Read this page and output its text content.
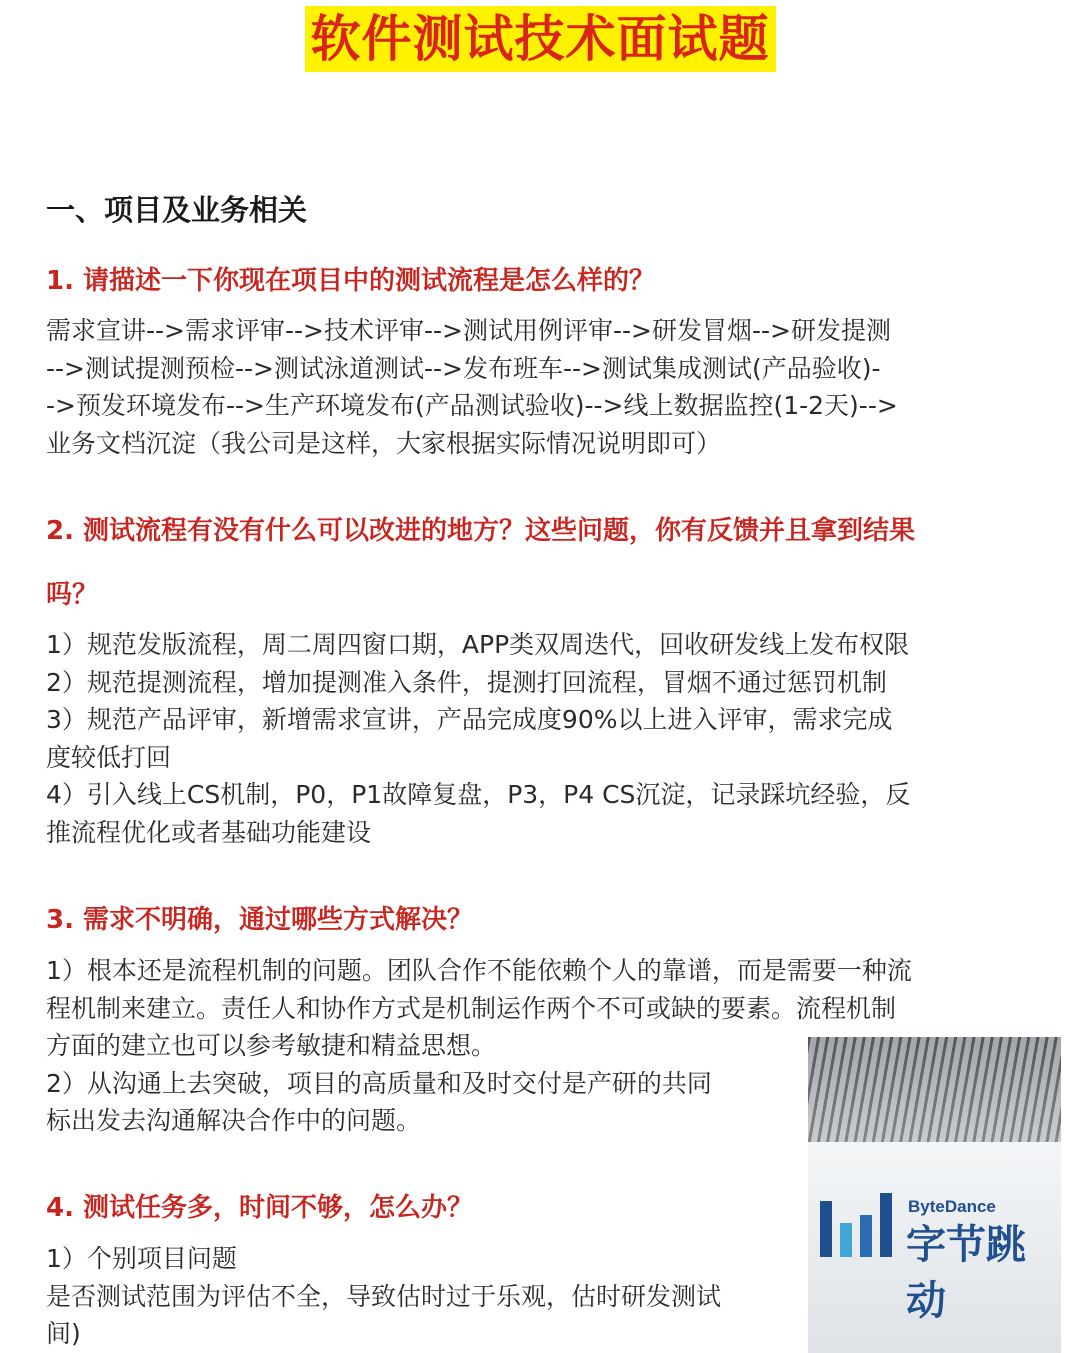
软件测试技术面试题
一、项目及业务相关

1. 请描述一下你现在项目中的测试流程是怎么样的？

需求宣讲-->需求评审-->技术评审-->测试用例评审-->研发冒烟-->研发提测
-->测试提测预检-->测试泳道测试-->发布班车-->测试集成测试(产品验收)-
->预发环境发布-->生产环境发布(产品测试验收)-->线上数据监控(1-2天)-->
业务文档沉淀（我公司是这样，大家根据实际情况说明即可）

2. 测试流程有没有什么可以改进的地方？这些问题，你有反馈并且拿到结果

吗？

1）规范发版流程，周二周四窗口期，APP类双周迭代，回收研发线上发布权限
2）规范提测流程，增加提测准入条件，提测打回流程，冒烟不通过惩罚机制
3）规范产品评审，新增需求宣讲，产品完成度90%以上进入评审，需求完成
度较低打回
4）引入线上CS机制，P0，P1故障复盘，P3，P4 CS沉淀，记录踩坑经验，反
推流程优化或者基础功能建设

3. 需求不明确，通过哪些方式解决？

1）根本还是流程机制的问题。团队合作不能依赖个人的靠谱，而是需要一种流
程机制来建立。责任人和协作方式是机制运作两个不可或缺的要素。流程机制
方面的建立也可以参考敏捷和精益思想。
2）从沟通上去突破，项目的高质量和及时交付是产研的共同
标出发去沟通解决合作中的问题。

4. 测试任务多，时间不够，怎么办？

1）个别项目问题
是否测试范围为评估不全，导致估时过于乐观，估时研发测试
间)
ByteDance
字节跳动
